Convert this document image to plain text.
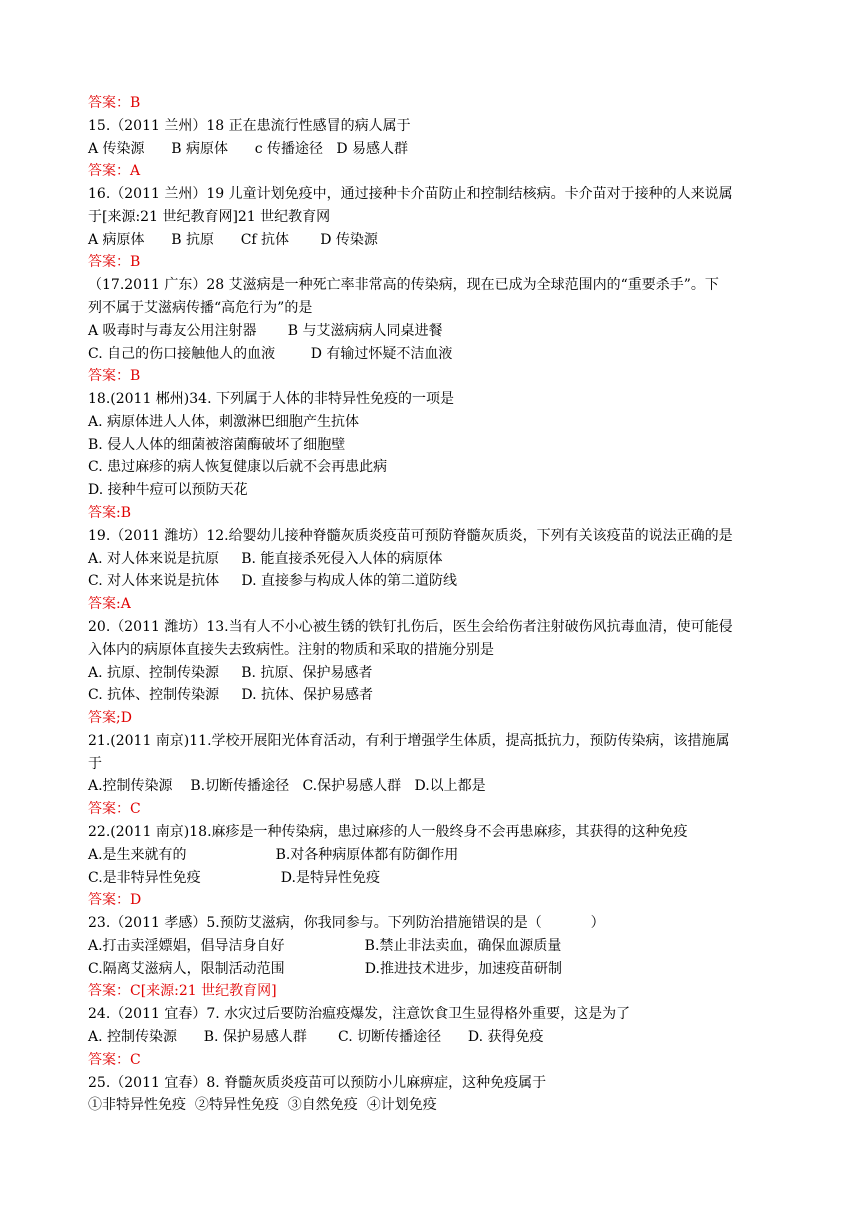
答案：B
15.（2011 兰州）18 正在患流行性感冒的病人属于
A 传染源      B 病原体      c 传播途径   D 易感人群
答案：A
16.（2011 兰州）19 儿童计划免疫中，通过接种卡介苗防止和控制结核病。卡介苗对于接种的人来说属
于[来源:21 世纪教育网]21 世纪教育网
A 病原体      B 抗原      Cf 抗体       D 传染源
答案：B
（17.2011 广东）28 艾滋病是一种死亡率非常高的传染病，现在已成为全球范围内的“重要杀手”。下
列不属于艾滋病传播“高危行为”的是
A 吸毒时与毒友公用注射器       B 与艾滋病病人同桌进餐
C. 自己的伤口接触他人的血液        D 有输过怀疑不洁血液
答案：B
18.(2011 郴州)34. 下列属于人体的非特异性免疫的一项是
A. 病原体进人人体，刺激淋巴细胞产生抗体
B. 侵人人体的细菌被溶菌酶破坏了细胞壁
C. 患过麻疹的病人恢复健康以后就不会再患此病
D. 接种牛痘可以预防天花
答案:B
19.（2011 潍坊）12.给婴幼儿接种脊髓灰质炎疫苗可预防脊髓灰质炎，下列有关该疫苗的说法正确的是
A. 对人体来说是抗原     B. 能直接杀死侵入人体的病原体
C. 对人体来说是抗体     D. 直接参与构成人体的第二道防线
答案:A
20.（2011 潍坊）13.当有人不小心被生锈的铁钉扎伤后，医生会给伤者注射破伤风抗毒血清，使可能侵
入体内的病原体直接失去致病性。注射的物质和采取的措施分别是
A. 抗原、控制传染源     B. 抗原、保护易感者
C. 抗体、控制传染源     D. 抗体、保护易感者
答案;D
21.(2011 南京)11.学校开展阳光体育活动，有利于增强学生体质，提高抵抗力，预防传染病，该措施属
于
A.控制传染源    B.切断传播途径   C.保护易感人群   D.以上都是
答案：C
22.(2011 南京)18.麻疹是一种传染病，患过麻疹的人一般终身不会再患麻疹，其获得的这种免疫
A.是生来就有的                    B.对各种病原体都有防御作用
C.是非特异性免疫                  D.是特异性免疫
答案：D
23.（2011 孝感）5.预防艾滋病，你我同参与。下列防治措施错误的是（           ）
A.打击卖淫嫖娼，倡导洁身自好                  B.禁止非法卖血，确保血源质量
C.隔离艾滋病人，限制活动范围                  D.推进技术进步，加速疫苗研制
答案：C[来源:21 世纪教育网]
24.（2011 宜春）7. 水灾过后要防治瘟疫爆发，注意饮食卫生显得格外重要，这是为了
A. 控制传染源      B. 保护易感人群       C. 切断传播途径      D. 获得免疫
答案：C
25.（2011 宜春）8. 脊髓灰质炎疫苗可以预防小儿麻痹症，这种免疫属于
①非特异性免疫  ②特异性免疫  ③自然免疫  ④计划免疫
